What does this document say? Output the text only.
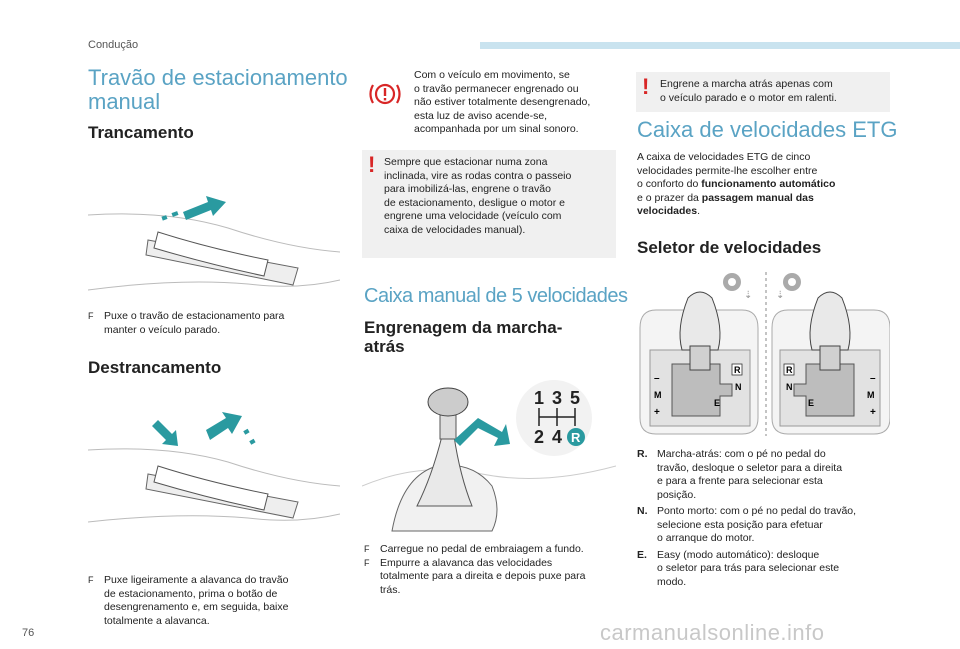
Condução
Travão de estacionamento
manual
Trancamento
F Puxe o travão de estacionamento para
manter o veículo parado.
Destrancamento
F Puxe ligeiramente a alavanca do travão
de estacionamento, prima o botão de
desengrenamento e, em seguida, baixe
totalmente a alavanca.
Com o veículo em movimento, se
o travão permanecer engrenado ou
não estiver totalmente desengrenado,
esta luz de aviso acende-se,
acompanhada por um sinal sonoro.
! Sempre que estacionar numa zona
inclinada, vire as rodas contra o passeio
para imobilizá-las, engrene o travão
de estacionamento, desligue o motor e
engrene uma velocidade (veículo com
caixa de velocidades manual).
Caixa manual de 5 velocidades
Engrenagem da marcha-
atrás
1 3 5
2 4 R
F Carregue no pedal de embraiagem a fundo.
F Empurre a alavanca das velocidades
totalmente para a direita e depois puxe para
trás.
! Engrene a marcha atrás apenas com
o veículo parado e o motor em ralenti.
Caixa de velocidades ETG
A caixa de velocidades ETG de cinco
velocidades permite-lhe escolher entre
o conforto do funcionamento automático
e o prazer da passagem manual das
velocidades.
Seletor de velocidades
⇣ ⇣
R
N
E
–
M
+
R
N
E
–
M
+
R. Marcha-atrás: com o pé no pedal do
travão, desloque o seletor para a direita
e para a frente para selecionar esta
posição.
N. Ponto morto: com o pé no pedal do travão,
selecione esta posição para efetuar
o arranque do motor.
E. Easy (modo automático): desloque
o seletor para trás para selecionar este
modo.
76	carmanualsonline.info
